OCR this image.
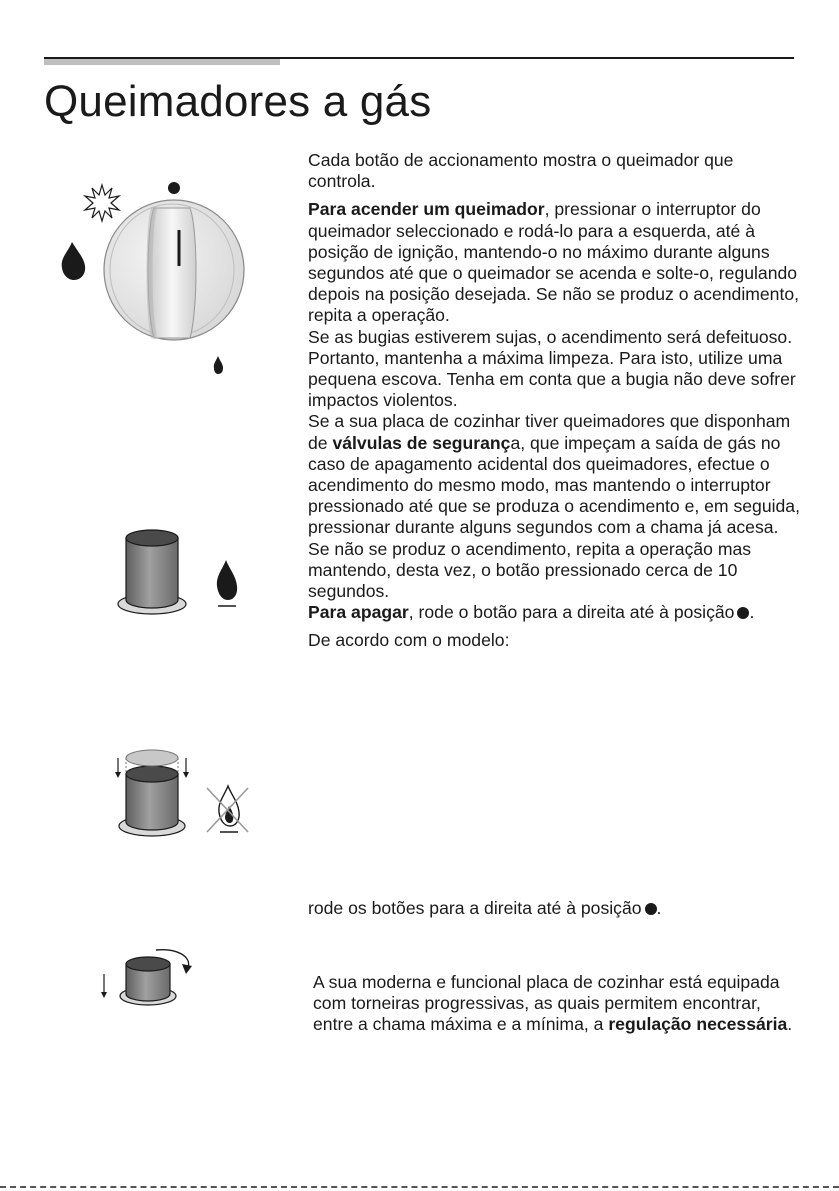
Queimadores a gás

Cada botão de accionamento mostra o queimador que controla.

Para acender um queimador, pressionar o interruptor do queimador seleccionado e rodá-lo para a esquerda, até à posição de ignição, mantendo-o no máximo durante alguns segundos até que o queimador se acenda e solte-o, regulando depois na posição desejada. Se não se produz o acendimento, repita a operação.

Se as bugias estiverem sujas, o acendimento será defeituoso. Portanto, mantenha a máxima limpeza. Para isto, utilize uma pequena escova. Tenha em conta que a bugia não deve sofrer impactos violentos.

Se a sua placa de cozinhar tiver queimadores que disponham de válvulas de segurança, que impeçam a saída de gás no caso de apagamento acidental dos queimadores, efectue o acendimento do mesmo modo, mas mantendo o interruptor pressionado até que se produza o acendimento e, em seguida, pressionar durante alguns segundos com a chama já acesa. Se não se produz o acendimento, repita a operação mas mantendo, desta vez, o botão pressionado cerca de 10 segundos.

Para apagar, rode o botão para a direita até à posição .

De acordo com o modelo:

rode os botões para a direita até à posição .

A sua moderna e funcional placa de cozinhar está equipada com torneiras progressivas, as quais permitem encontrar, entre a chama máxima e a mínima, a regulação necessária.
